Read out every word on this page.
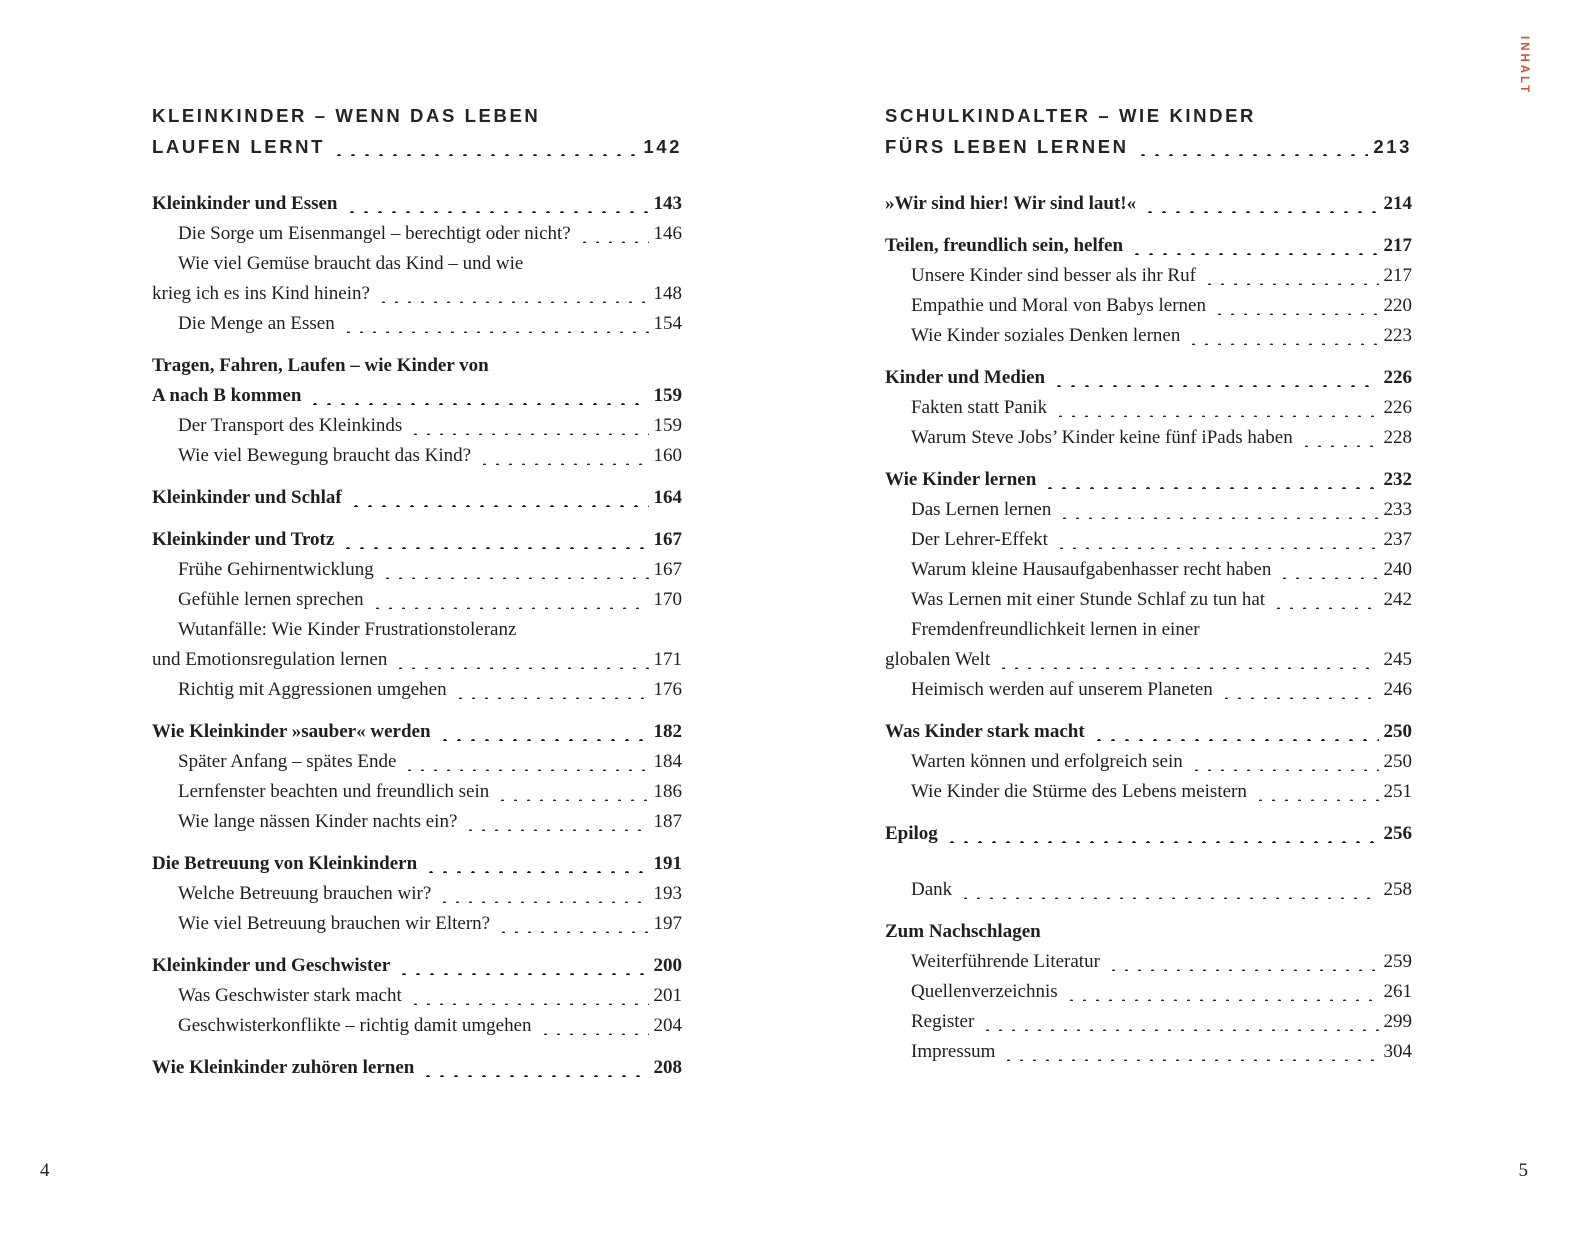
INHALT
KLEINKINDER – WENN DAS LEBEN
LAUFEN LERNT	142
Kleinkinder und Essen	143
Die Sorge um Eisenmangel – berechtigt oder nicht?	146
Wie viel Gemüse braucht das Kind – und wie
krieg ich es ins Kind hinein?	148
Die Menge an Essen	154
Tragen, Fahren, Laufen – wie Kinder von
A nach B kommen	159
Der Transport des Kleinkinds	159
Wie viel Bewegung braucht das Kind?	160
Kleinkinder und Schlaf	164
Kleinkinder und Trotz	167
Frühe Gehirnentwicklung	167
Gefühle lernen sprechen	170
Wutanfälle: Wie Kinder Frustrationstoleranz
und Emotionsregulation lernen	171
Richtig mit Aggressionen umgehen	176
Wie Kleinkinder »sauber« werden	182
Später Anfang – spätes Ende	184
Lernfenster beachten und freundlich sein	186
Wie lange nässen Kinder nachts ein?	187
Die Betreuung von Kleinkindern	191
Welche Betreuung brauchen wir?	193
Wie viel Betreuung brauchen wir Eltern?	197
Kleinkinder und Geschwister	200
Was Geschwister stark macht	201
Geschwisterkonflikte – richtig damit umgehen	204
Wie Kleinkinder zuhören lernen	208
SCHULKINDALTER – WIE KINDER
FÜRS LEBEN LERNEN	213
»Wir sind hier! Wir sind laut!«	214
Teilen, freundlich sein, helfen	217
Unsere Kinder sind besser als ihr Ruf	217
Empathie und Moral von Babys lernen	220
Wie Kinder soziales Denken lernen	223
Kinder und Medien	226
Fakten statt Panik	226
Warum Steve Jobs’ Kinder keine fünf iPads haben	228
Wie Kinder lernen	232
Das Lernen lernen	233
Der Lehrer-Effekt	237
Warum kleine Hausaufgabenhasser recht haben	240
Was Lernen mit einer Stunde Schlaf zu tun hat	242
Fremdenfreundlichkeit lernen in einer
globalen Welt	245
Heimisch werden auf unserem Planeten	246
Was Kinder stark macht	250
Warten können und erfolgreich sein	250
Wie Kinder die Stürme des Lebens meistern	251
Epilog	256
Dank	258
Zum Nachschlagen
Weiterführende Literatur	259
Quellenverzeichnis	261
Register	299
Impressum	304
4	5
